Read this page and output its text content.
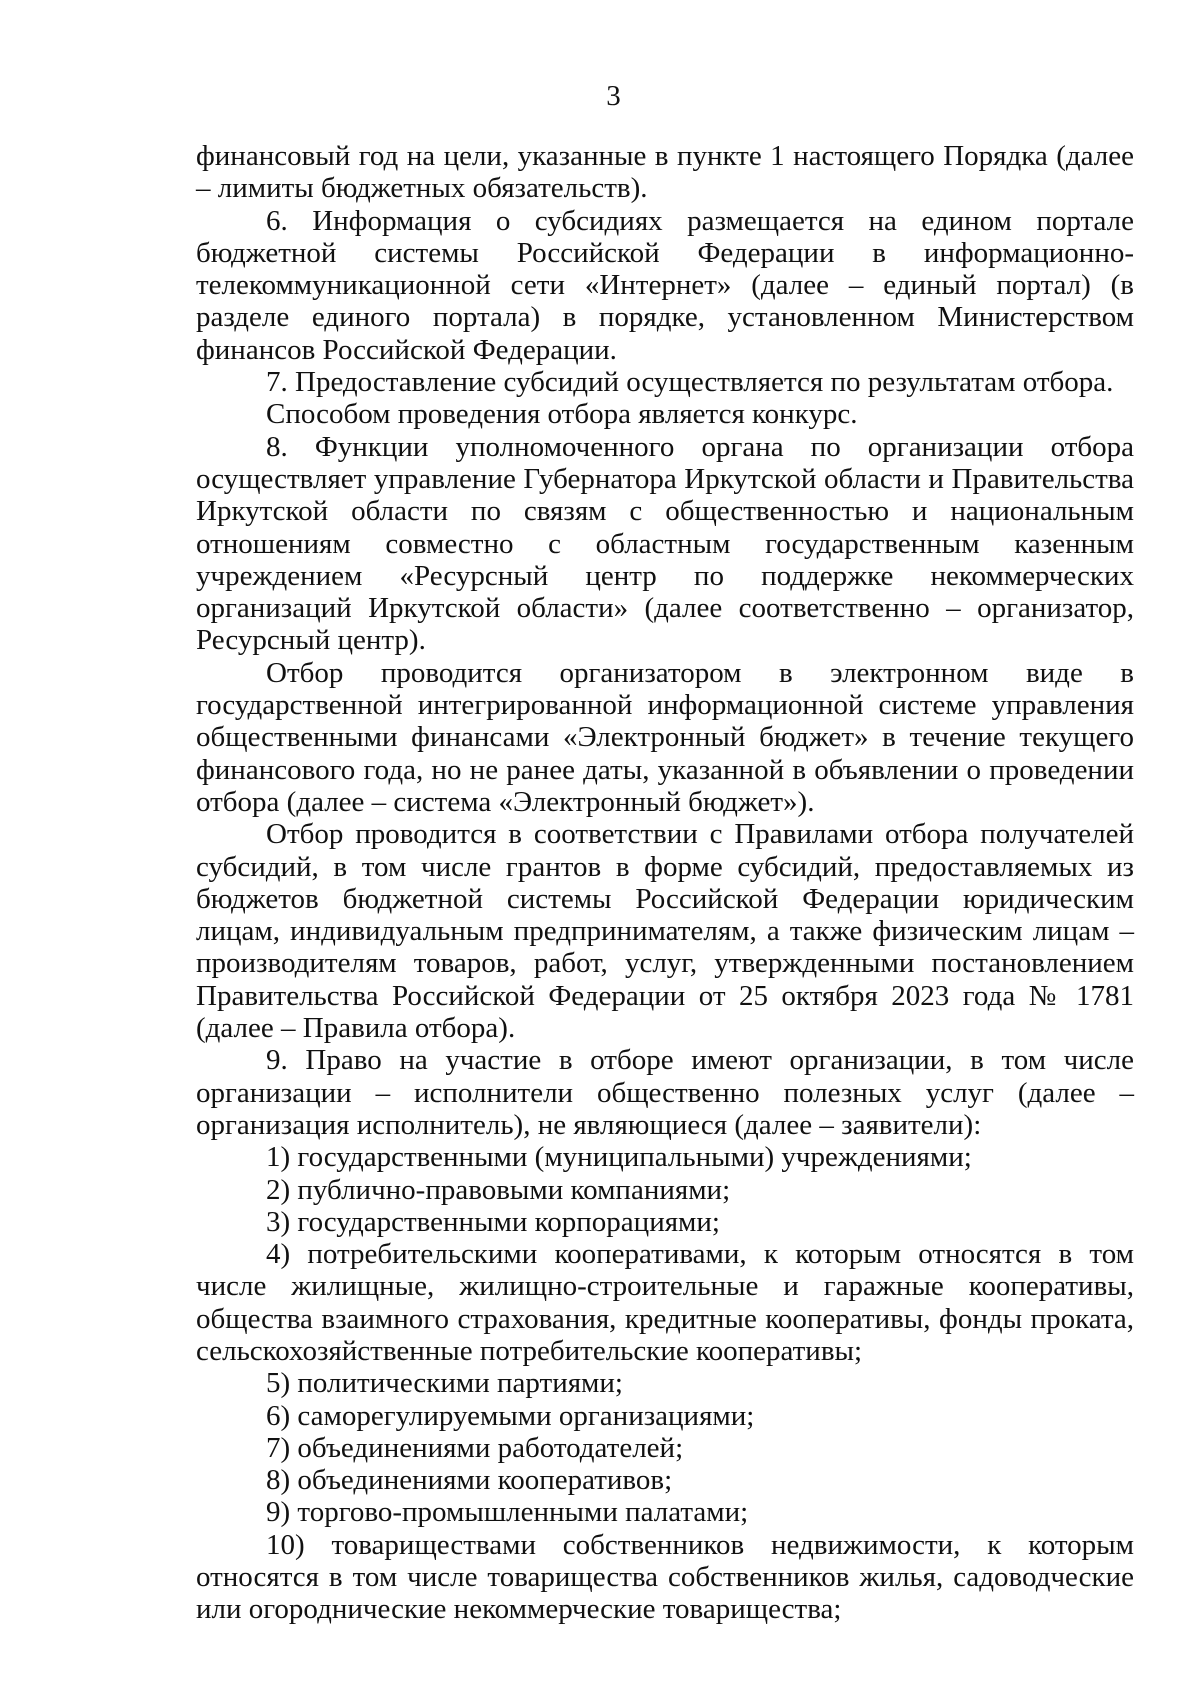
3

финансовый год на цели, указанные в пункте 1 настоящего Порядка (далее – лимиты бюджетных обязательств).

6. Информация о субсидиях размещается на едином портале бюджетной системы Российской Федерации в информационно-телекоммуникационной сети «Интернет» (далее – единый портал) (в разделе единого портала) в порядке, установленном Министерством финансов Российской Федерации.

7. Предоставление субсидий осуществляется по результатам отбора.

Способом проведения отбора является конкурс.

8. Функции уполномоченного органа по организации отбора осуществляет управление Губернатора Иркутской области и Правительства Иркутской области по связям с общественностью и национальным отношениям совместно с областным государственным казенным учреждением «Ресурсный центр по поддержке некоммерческих организаций Иркутской области» (далее соответственно – организатор, Ресурсный центр).

Отбор проводится организатором в электронном виде в государственной интегрированной информационной системе управления общественными финансами «Электронный бюджет» в течение текущего финансового года, но не ранее даты, указанной в объявлении о проведении отбора (далее – система «Электронный бюджет»).

Отбор проводится в соответствии с Правилами отбора получателей субсидий, в том числе грантов в форме субсидий, предоставляемых из бюджетов бюджетной системы Российской Федерации юридическим лицам, индивидуальным предпринимателям, а также физическим лицам – производителям товаров, работ, услуг, утвержденными постановлением Правительства Российской Федерации от 25 октября 2023 года № 1781 (далее – Правила отбора).

9. Право на участие в отборе имеют организации, в том числе организации – исполнители общественно полезных услуг (далее – организация исполнитель), не являющиеся (далее – заявители):

1) государственными (муниципальными) учреждениями;

2) публично-правовыми компаниями;

3) государственными корпорациями;

4) потребительскими кооперативами, к которым относятся в том числе жилищные, жилищно-строительные и гаражные кооперативы, общества взаимного страхования, кредитные кооперативы, фонды проката, сельскохозяйственные потребительские кооперативы;

5) политическими партиями;

6) саморегулируемыми организациями;

7) объединениями работодателей;

8) объединениями кооперативов;

9) торгово-промышленными палатами;

10) товариществами собственников недвижимости, к которым относятся в том числе товарищества собственников жилья, садоводческие или огороднические некоммерческие товарищества;
